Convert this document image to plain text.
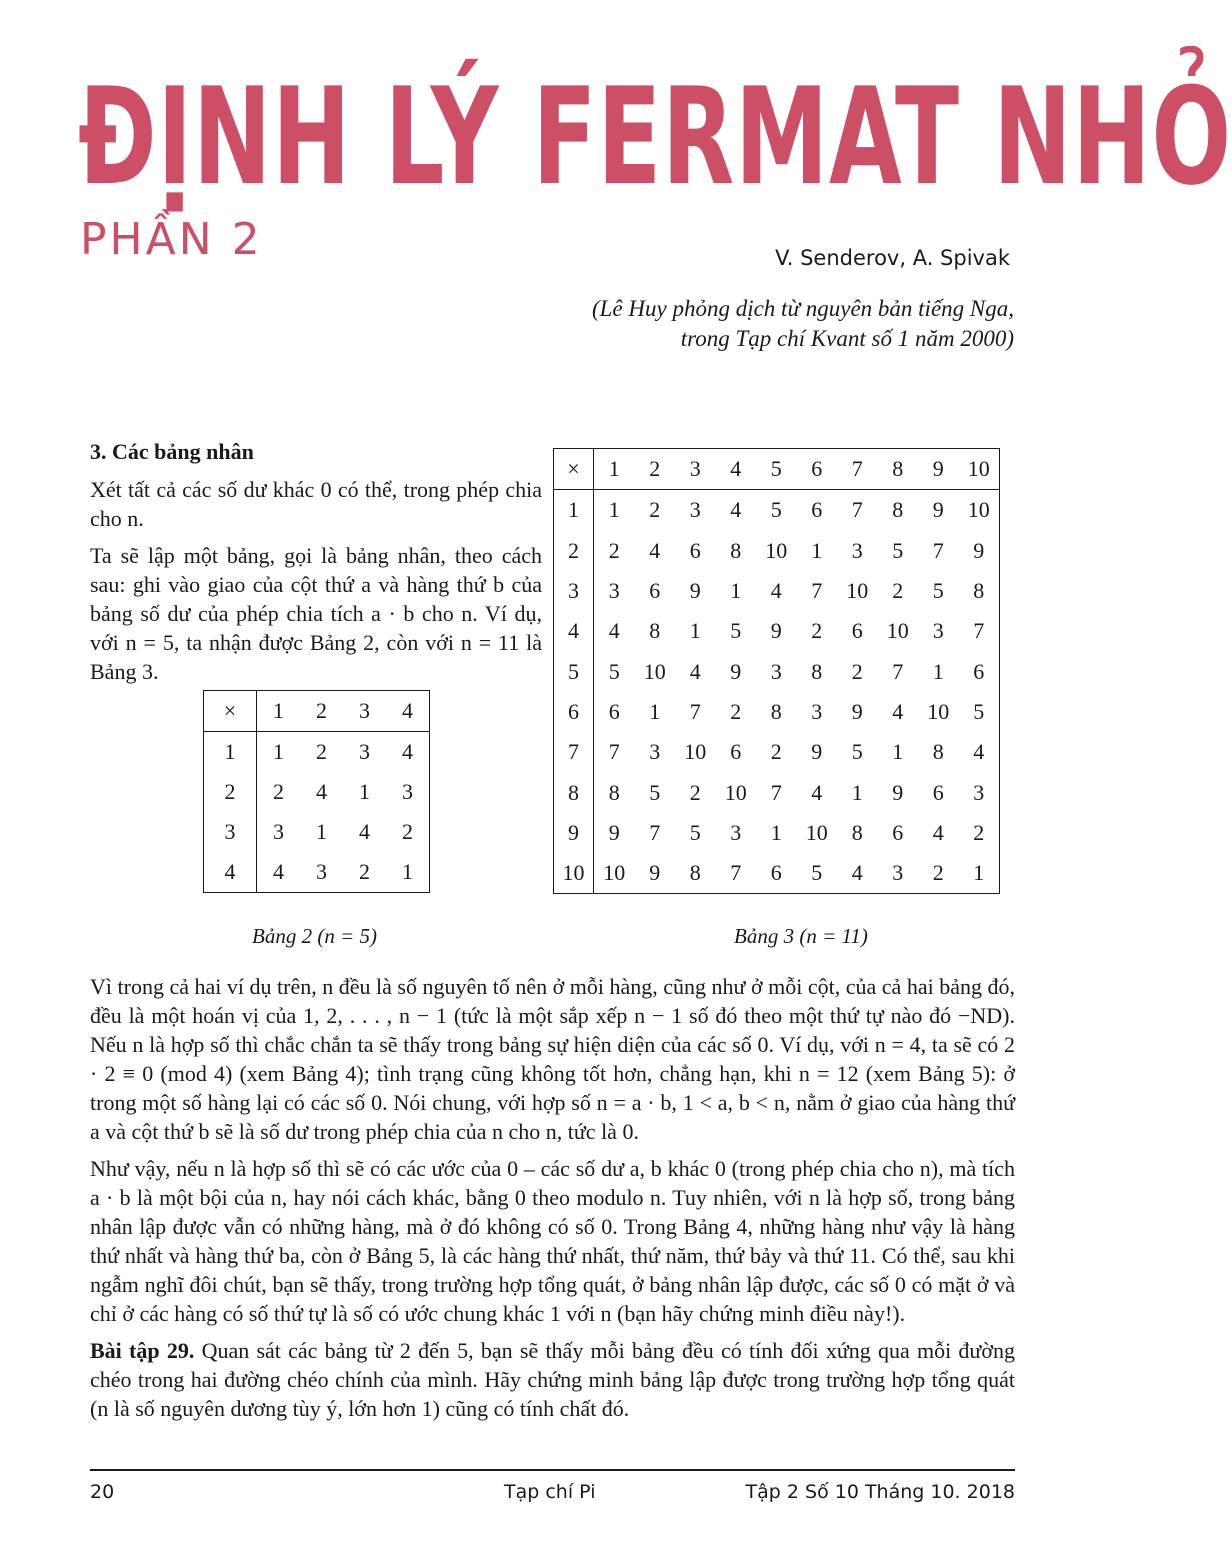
ĐỊNH LÝ FERMAT NHỎ
PHẦN 2	V. Senderov, A. Spivak
(Lê Huy phỏng dịch từ nguyên bản tiếng Nga,
trong Tạp chí Kvant số 1 năm 2000)
3. Các bảng nhân

Xét tất cả các số dư khác 0 có thể, trong phép chia cho n.

Ta sẽ lập một bảng, gọi là bảng nhân, theo cách sau: ghi vào giao của cột thứ a và hàng thứ b của bảng số dư của phép chia tích a · b cho n. Ví dụ, với n = 5, ta nhận được Bảng 2, còn với n = 11 là Bảng 3.

×	1	2	3	4
1	1	2	3	4
2	2	4	1	3
3	3	1	4	2
4	4	3	2	1
Bảng 2 (n = 5)
×	1	2	3	4	5	6	7	8	9	10
1	1	2	3	4	5	6	7	8	9	10
2	2	4	6	8	10	1	3	5	7	9
3	3	6	9	1	4	7	10	2	5	8
4	4	8	1	5	9	2	6	10	3	7
5	5	10	4	9	3	8	2	7	1	6
6	6	1	7	2	8	3	9	4	10	5
7	7	3	10	6	2	9	5	1	8	4
8	8	5	2	10	7	4	1	9	6	3
9	9	7	5	3	1	10	8	6	4	2
10	10	9	8	7	6	5	4	3	2	1
Bảng 3 (n = 11)

Vì trong cả hai ví dụ trên, n đều là số nguyên tố nên ở mỗi hàng, cũng như ở mỗi cột, của cả hai bảng đó, đều là một hoán vị của 1, 2, . . . , n − 1 (tức là một sắp xếp n − 1 số đó theo một thứ tự nào đó −ND). Nếu n là hợp số thì chắc chắn ta sẽ thấy trong bảng sự hiện diện của các số 0. Ví dụ, với n = 4, ta sẽ có 2 · 2 ≡ 0 (mod 4) (xem Bảng 4); tình trạng cũng không tốt hơn, chẳng hạn, khi n = 12 (xem Bảng 5): ở trong một số hàng lại có các số 0. Nói chung, với hợp số n = a · b, 1 < a, b < n, nằm ở giao của hàng thứ a và cột thứ b sẽ là số dư trong phép chia của n cho n, tức là 0.

Như vậy, nếu n là hợp số thì sẽ có các ước của 0 – các số dư a, b khác 0 (trong phép chia cho n), mà tích a · b là một bội của n, hay nói cách khác, bằng 0 theo modulo n. Tuy nhiên, với n là hợp số, trong bảng nhân lập được vẫn có những hàng, mà ở đó không có số 0. Trong Bảng 4, những hàng như vậy là hàng thứ nhất và hàng thứ ba, còn ở Bảng 5, là các hàng thứ nhất, thứ năm, thứ bảy và thứ 11. Có thể, sau khi ngẫm nghĩ đôi chút, bạn sẽ thấy, trong trường hợp tổng quát, ở bảng nhân lập được, các số 0 có mặt ở và chỉ ở các hàng có số thứ tự là số có ước chung khác 1 với n (bạn hãy chứng minh điều này!).

Bài tập 29. Quan sát các bảng từ 2 đến 5, bạn sẽ thấy mỗi bảng đều có tính đối xứng qua mỗi đường chéo trong hai đường chéo chính của mình. Hãy chứng minh bảng lập được trong trường hợp tổng quát (n là số nguyên dương tùy ý, lớn hơn 1) cũng có tính chất đó.

20	Tạp chí Pi	Tập 2 Số 10 Tháng 10. 2018
